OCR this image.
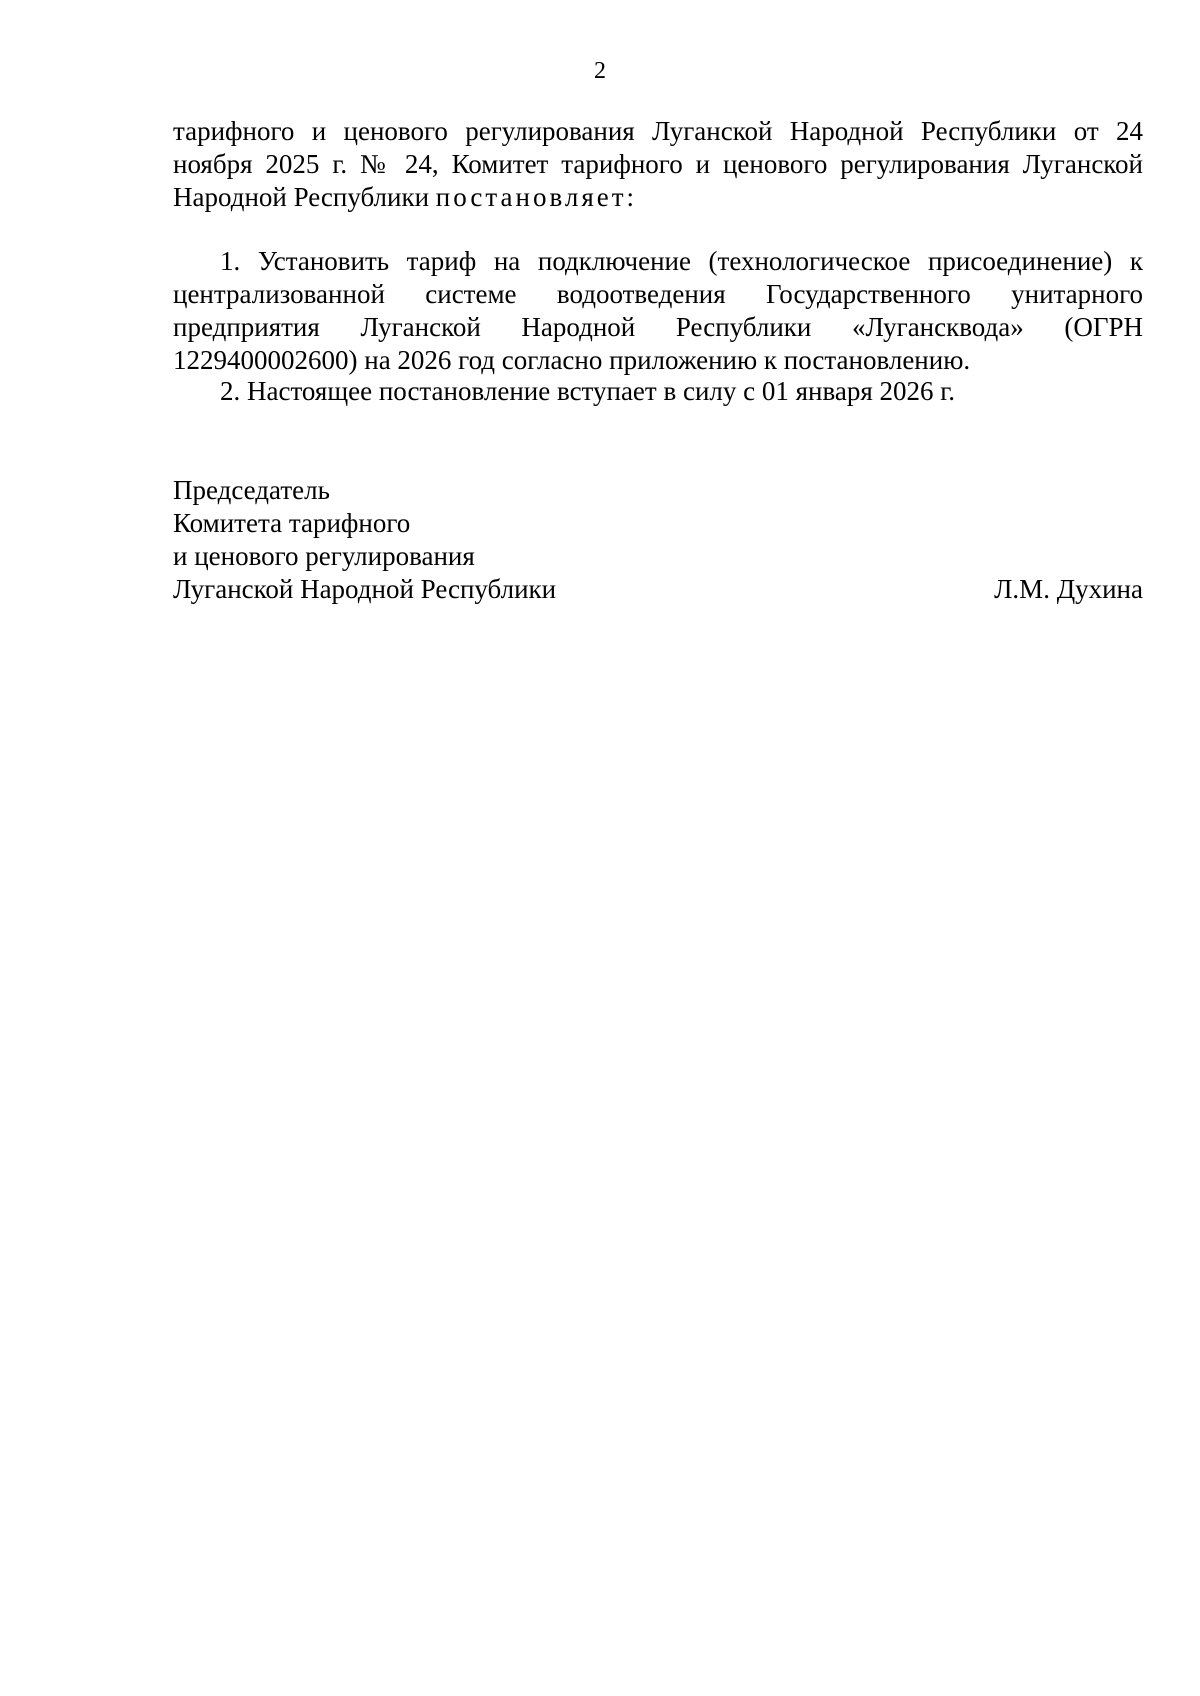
2
тарифного и ценового регулирования Луганской Народной Республики от 24 ноября 2025 г. № 24, Комитет тарифного и ценового регулирования Луганской Народной Республики постановляет:
1. Установить тариф на подключение (технологическое присоединение) к централизованной системе водоотведения Государственного унитарного предприятия Луганской Народной Республики «Лугансквода» (ОГРН 1229400002600) на 2026 год согласно приложению к постановлению.
2. Настоящее постановление вступает в силу с 01 января 2026 г.
Председатель
Комитета тарифного
и ценового регулирования
Луганской Народной Республики	Л.М. Духина
